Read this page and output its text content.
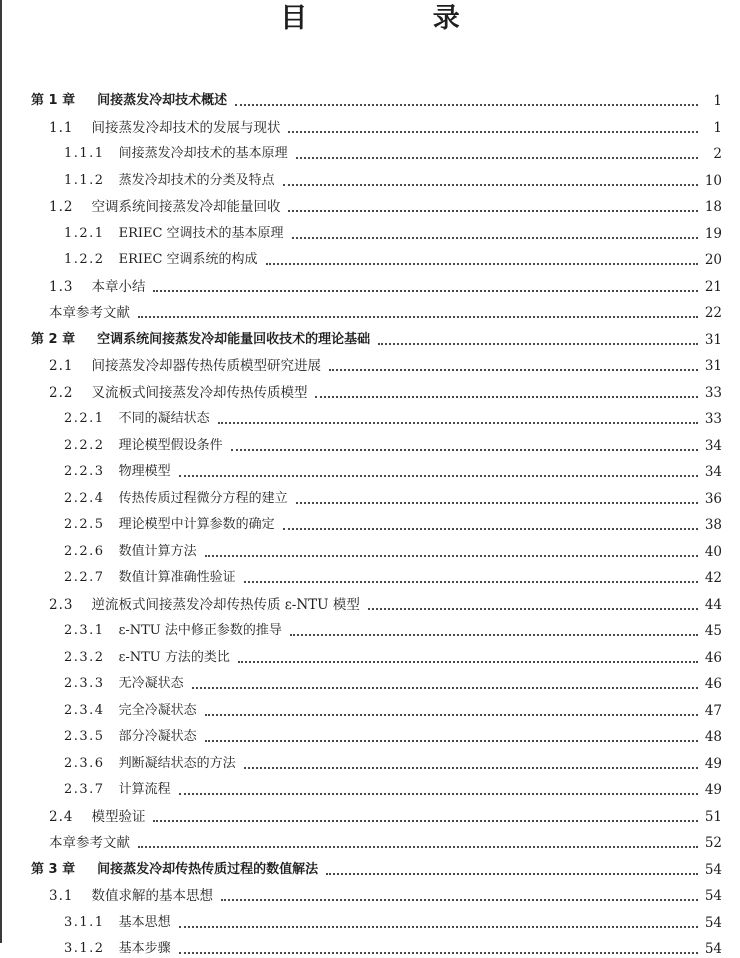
目 录
第 1 章 间接蒸发冷却技术概述	1
1.1 间接蒸发冷却技术的发展与现状	1
1.1.1 间接蒸发冷却技术的基本原理	2
1.1.2 蒸发冷却技术的分类及特点	10
1.2 空调系统间接蒸发冷却能量回收	18
1.2.1 ERIEC 空调技术的基本原理	19
1.2.2 ERIEC 空调系统的构成	20
1.3 本章小结	21
本章参考文献	22
第 2 章 空调系统间接蒸发冷却能量回收技术的理论基础	31
2.1 间接蒸发冷却器传热传质模型研究进展	31
2.2 叉流板式间接蒸发冷却传热传质模型	33
2.2.1 不同的凝结状态	33
2.2.2 理论模型假设条件	34
2.2.3 物理模型	34
2.2.4 传热传质过程微分方程的建立	36
2.2.5 理论模型中计算参数的确定	38
2.2.6 数值计算方法	40
2.2.7 数值计算准确性验证	42
2.3 逆流板式间接蒸发冷却传热传质 ε-NTU 模型	44
2.3.1 ε-NTU 法中修正参数的推导	45
2.3.2 ε-NTU 方法的类比	46
2.3.3 无冷凝状态	46
2.3.4 完全冷凝状态	47
2.3.5 部分冷凝状态	48
2.3.6 判断凝结状态的方法	49
2.3.7 计算流程	49
2.4 模型验证	51
本章参考文献	52
第 3 章 间接蒸发冷却传热传质过程的数值解法	54
3.1 数值求解的基本思想	54
3.1.1 基本思想	54
3.1.2 基本步骤	54
